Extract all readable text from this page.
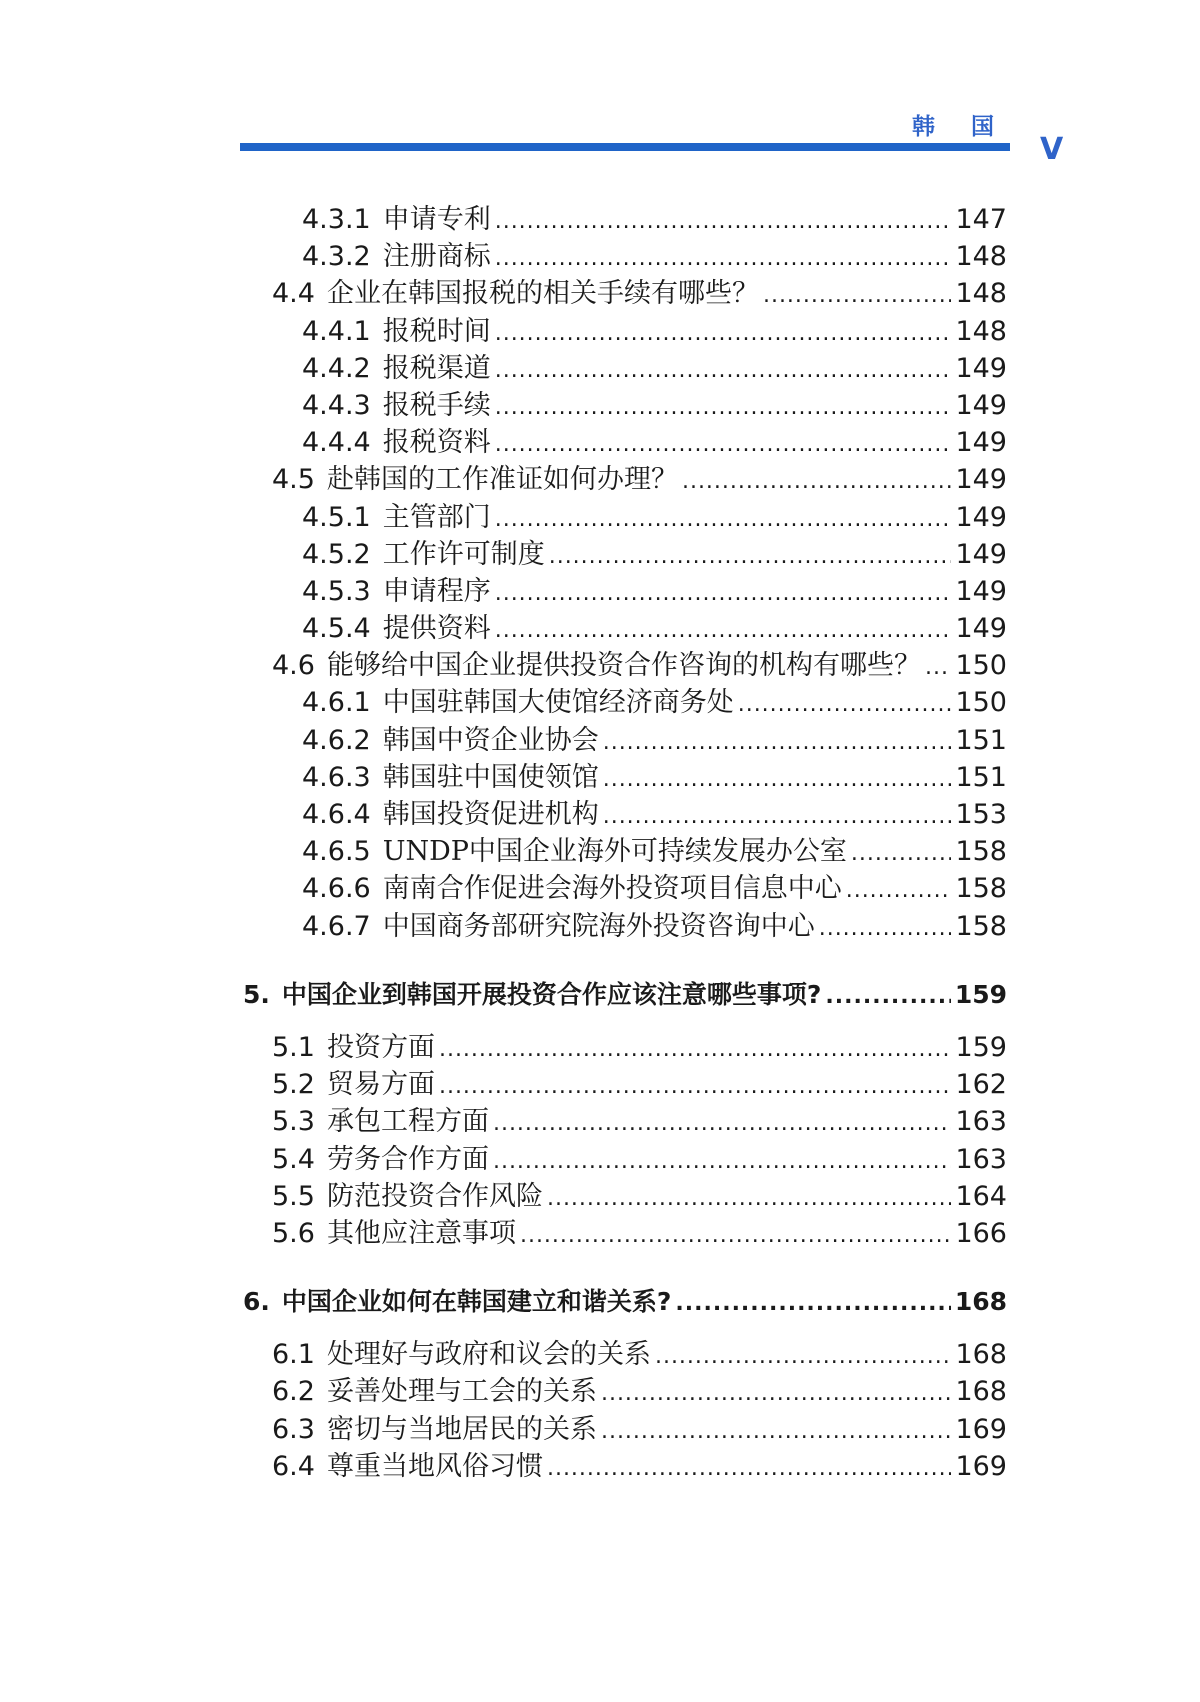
韩 国
V
4.3.1 申请专利 .....	147
4.3.2 注册商标 .....	148
4.4 企业在韩国报税的相关手续有哪些？ .....	148
4.4.1 报税时间 .....	148
4.4.2 报税渠道 .....	149
4.4.3 报税手续 .....	149
4.4.4 报税资料 .....	149
4.5 赴韩国的工作准证如何办理？ .....	149
4.5.1 主管部门 .....	149
4.5.2 工作许可制度 .....	149
4.5.3 申请程序 .....	149
4.5.4 提供资料 .....	149
4.6 能够给中国企业提供投资合作咨询的机构有哪些？ ..... 150
4.6.1 中国驻韩国大使馆经济商务处 .....	150
4.6.2 韩国中资企业协会 .....	151
4.6.3 韩国驻中国使领馆 .....	151
4.6.4 韩国投资促进机构 .....	153
4.6.5 UNDP中国企业海外可持续发展办公室 .....	158
4.6.6 南南合作促进会海外投资项目信息中心 .....	158
4.6.7 中国商务部研究院海外投资咨询中心 .....	158
5. 中国企业到韩国开展投资合作应该注意哪些事项? .....	159
5.1 投资方面 .....	159
5.2 贸易方面 .....	162
5.3 承包工程方面 .....	163
5.4 劳务合作方面 .....	163
5.5 防范投资合作风险 .....	164
5.6 其他应注意事项 .....	166
6. 中国企业如何在韩国建立和谐关系? .....	168
6.1 处理好与政府和议会的关系 .....	168
6.2 妥善处理与工会的关系 .....	168
6.3 密切与当地居民的关系 .....	169
6.4 尊重当地风俗习惯 .....	169
